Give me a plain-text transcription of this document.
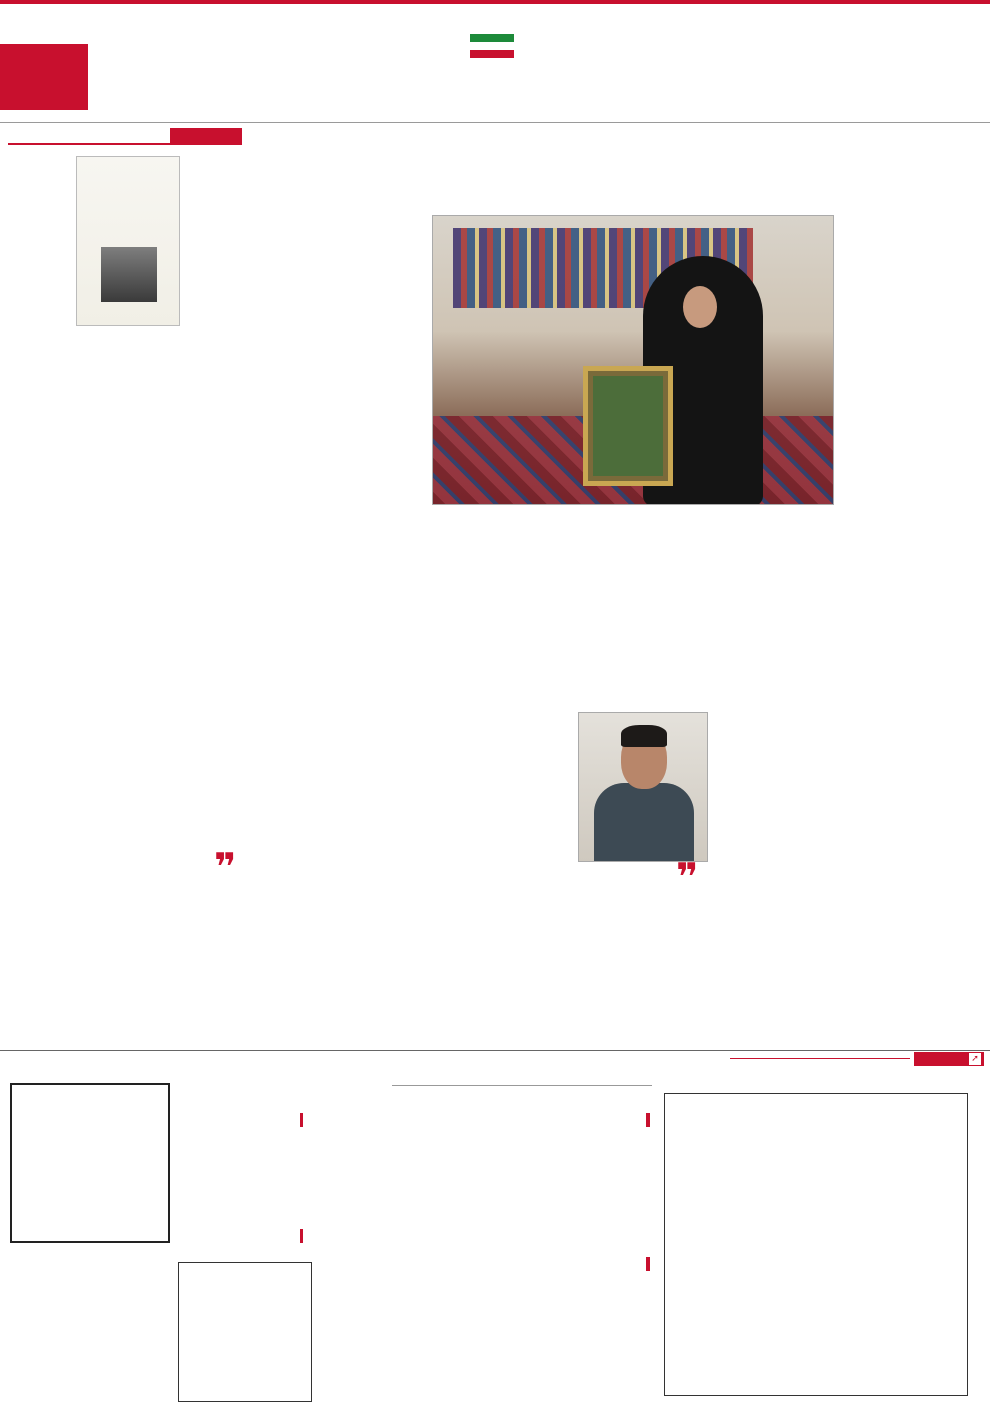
❞

❞
➚
